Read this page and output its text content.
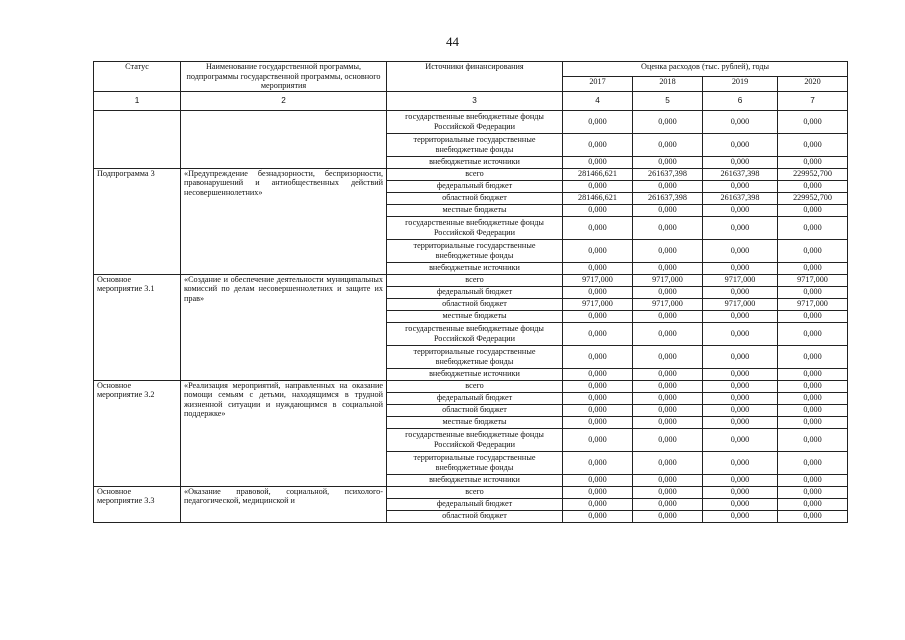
44
Статус	Наименование государственной программы, подпрограммы государственной программы, основного мероприятия	Источники финансирования	Оценка расходов (тыс. рублей), годы			
			2017	2018	2019	2020
1	2	3	4	5	6	7
		государственные внебюджетные фонды Российской Федерации	0,000	0,000	0,000	0,000
		территориальные государственные внебюджетные фонды	0,000	0,000	0,000	0,000
		внебюджетные источники	0,000	0,000	0,000	0,000
Подпрограмма 3	«Предупреждение безнадзорности, беспризорности, правонарушений и антиобщественных действий несовершеннолетних»	всего	281466,621	261637,398	261637,398	229952,700
		федеральный бюджет	0,000	0,000	0,000	0,000
		областной бюджет	281466,621	261637,398	261637,398	229952,700
		местные бюджеты	0,000	0,000	0,000	0,000
		государственные внебюджетные фонды Российской Федерации	0,000	0,000	0,000	0,000
		территориальные государственные внебюджетные фонды	0,000	0,000	0,000	0,000
		внебюджетные источники	0,000	0,000	0,000	0,000
Основное мероприятие 3.1	«Создание и обеспечение деятельности муниципальных комиссий по делам несовершеннолетних и защите их прав»	всего	9717,000	9717,000	9717,000	9717,000
		федеральный бюджет	0,000	0,000	0,000	0,000
		областной бюджет	9717,000	9717,000	9717,000	9717,000
		местные бюджеты	0,000	0,000	0,000	0,000
		государственные внебюджетные фонды Российской Федерации	0,000	0,000	0,000	0,000
		территориальные государственные внебюджетные фонды	0,000	0,000	0,000	0,000
		внебюджетные источники	0,000	0,000	0,000	0,000
Основное мероприятие 3.2	«Реализация мероприятий, направленных на оказание помощи семьям с детьми, находящимся в трудной жизненной ситуации и нуждающимся в социальной поддержке»	всего	0,000	0,000	0,000	0,000
		федеральный бюджет	0,000	0,000	0,000	0,000
		областной бюджет	0,000	0,000	0,000	0,000
		местные бюджеты	0,000	0,000	0,000	0,000
		государственные внебюджетные фонды Российской Федерации	0,000	0,000	0,000	0,000
		территориальные государственные внебюджетные фонды	0,000	0,000	0,000	0,000
		внебюджетные источники	0,000	0,000	0,000	0,000
Основное мероприятие 3.3	«Оказание правовой, социальной, психолого-педагогической, медицинской и	всего	0,000	0,000	0,000	0,000
		федеральный бюджет	0,000	0,000	0,000	0,000
		областной бюджет	0,000	0,000	0,000	0,000
